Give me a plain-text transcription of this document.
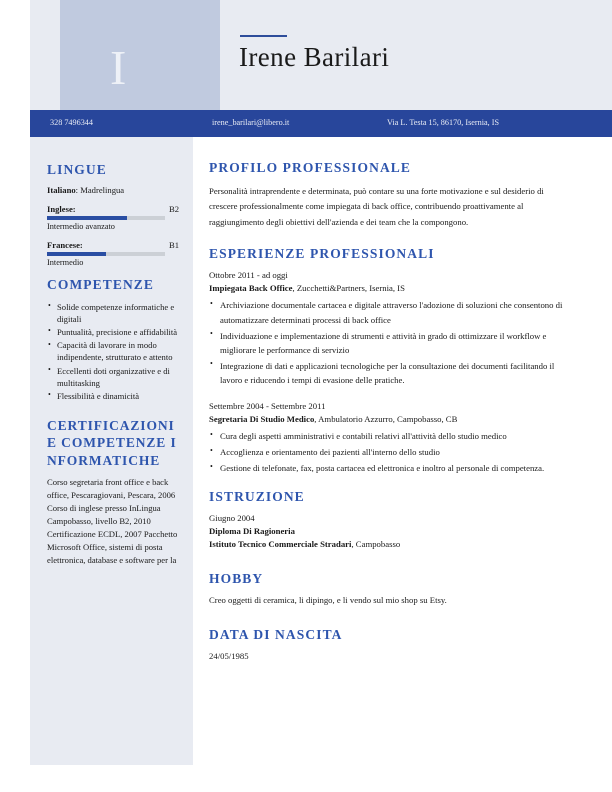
I	Irene Barilari
328 7496344	irene_barilari@libero.it	Via L. Testa 15, 86170, Isernia, IS
LINGUE
Italiano: Madrelingua
Inglese:	B2
Intermedio avanzato
Francese:	B1
Intermedio
COMPETENZE
• Solide competenze informatiche e digitali
• Puntualità, precisione e affidabilità
• Capacità di lavorare in modo indipendente, strutturato e attento
• Eccellenti doti organizzative e di multitasking
• Flessibilità e dinamicità
CERTIFICAZIONI E COMPETENZE INFORMATICHE
Corso segretaria front office e back office, Pescaragiovani, Pescara, 2006 Corso di inglese presso InLingua Campobasso, livello B2, 2010 Certificazione ECDL, 2007 Pacchetto Microsoft Office, sistemi di posta elettronica, database e software per la
PROFILO PROFESSIONALE

Personalità intraprendente e determinata, può contare su una forte motivazione e sul desiderio di crescere professionalmente come impiegata di back office, contribuendo proattivamente al raggiungimento degli obiettivi dell'azienda e dei team che la compongono.

ESPERIENZE PROFESSIONALI
Ottobre 2011 - ad oggi
Impiegata Back Office, Zucchetti&Partners, Isernia, IS
• Archiviazione documentale cartacea e digitale attraverso l'adozione di soluzioni che consentono di automatizzare determinati processi di back office
• Individuazione e implementazione di strumenti e attività in grado di ottimizzare il workflow e migliorare le performance di servizio
• Integrazione di dati e applicazioni tecnologiche per la consultazione dei documenti facilitando il lavoro e riducendo i tempi di evasione delle pratiche.
Settembre 2004 - Settembre 2011
Segretaria Di Studio Medico, Ambulatorio Azzurro, Campobasso, CB
• Cura degli aspetti amministrativi e contabili relativi all'attività dello studio medico
• Accoglienza e orientamento dei pazienti all'interno dello studio
• Gestione di telefonate, fax, posta cartacea ed elettronica e inoltro al personale di competenza.
ISTRUZIONE
Giugno 2004
Diploma Di Ragioneria
Istituto Tecnico Commerciale Stradari, Campobasso
HOBBY
Creo oggetti di ceramica, li dipingo, e li vendo sul mio shop su Etsy.
DATA DI NASCITA
24/05/1985
